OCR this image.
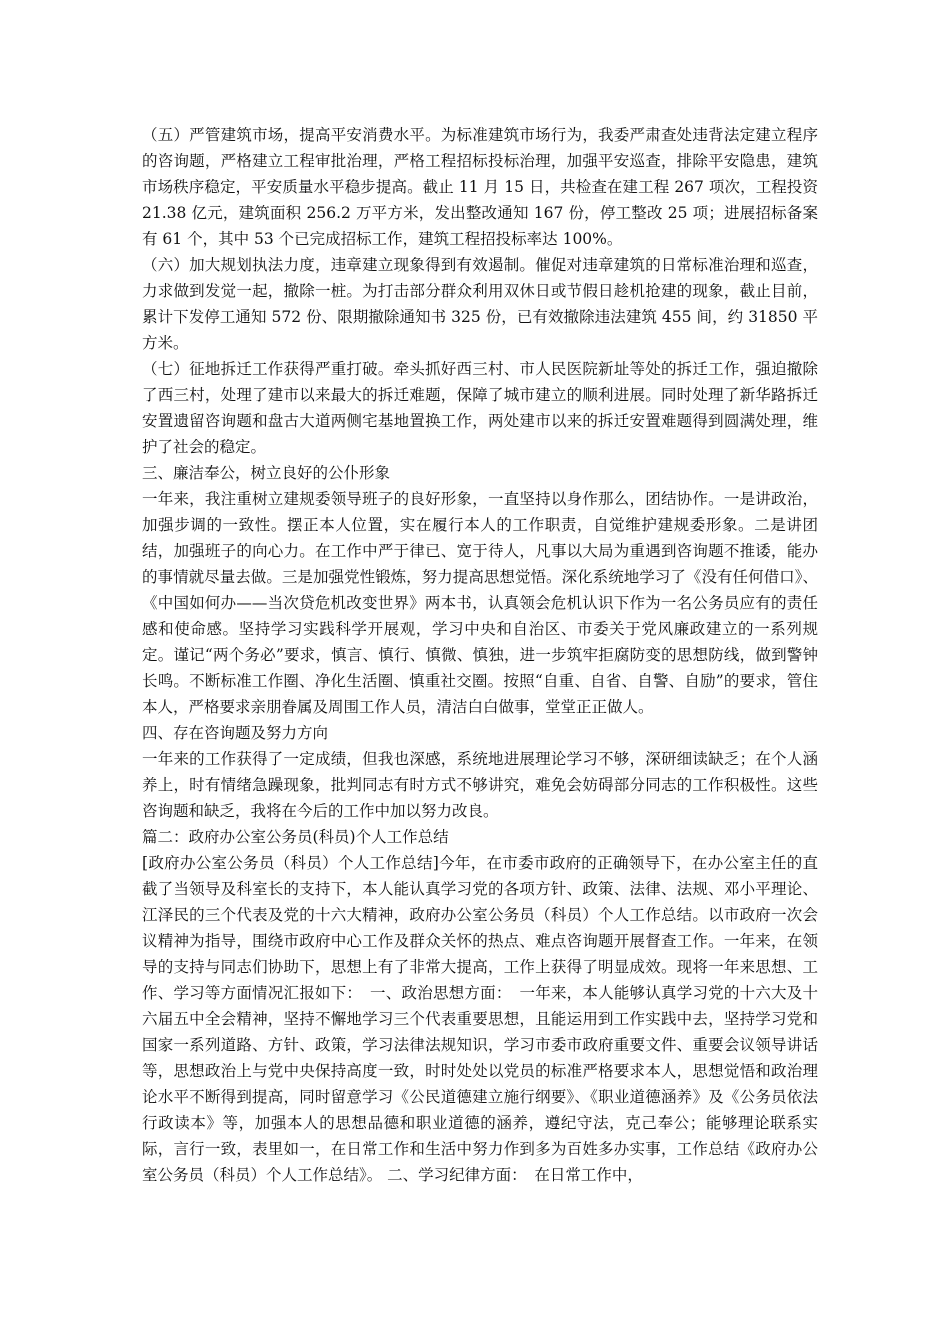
（五）严管建筑市场，提高平安消费水平。为标准建筑市场行为，我委严肃查处违背法定建立程序的咨询题，严格建立工程审批治理，严格工程招标投标治理，加强平安巡查，排除平安隐患，建筑市场秩序稳定，平安质量水平稳步提高。截止 11 月 15 日，共检查在建工程 267 项次，工程投资 21.38 亿元，建筑面积 256.2 万平方米，发出整改通知 167 份，停工整改 25 项；进展招标备案有 61 个，其中 53 个已完成招标工作，建筑工程招投标率达 100%。

（六）加大规划执法力度，违章建立现象得到有效遏制。催促对违章建筑的日常标准治理和巡查，力求做到发觉一起，撤除一桩。为打击部分群众利用双休日或节假日趁机抢建的现象，截止目前，累计下发停工通知 572 份、限期撤除通知书 325 份，已有效撤除违法建筑 455 间，约 31850 平方米。

（七）征地拆迁工作获得严重打破。牵头抓好西三村、市人民医院新址等处的拆迁工作，强迫撤除了西三村，处理了建市以来最大的拆迁难题，保障了城市建立的顺利进展。同时处理了新华路拆迁安置遗留咨询题和盘古大道两侧宅基地置换工作，两处建市以来的拆迁安置难题得到圆满处理，维护了社会的稳定。

三、廉洁奉公，树立良好的公仆形象

一年来，我注重树立建规委领导班子的良好形象，一直坚持以身作那么，团结协作。一是讲政治，加强步调的一致性。摆正本人位置，实在履行本人的工作职责，自觉维护建规委形象。二是讲团结，加强班子的向心力。在工作中严于律已、宽于待人，凡事以大局为重遇到咨询题不推诿，能办的事情就尽量去做。三是加强党性锻炼，努力提高思想觉悟。深化系统地学习了《没有任何借口》、《中国如何办——当次贷危机改变世界》两本书，认真领会危机认识下作为一名公务员应有的责任感和使命感。坚持学习实践科学开展观，学习中央和自治区、市委关于党风廉政建立的一系列规定。谨记“两个务必”要求，慎言、慎行、慎微、慎独，进一步筑牢拒腐防变的思想防线，做到警钟长鸣。不断标准工作圈、净化生活圈、慎重社交圈。按照“自重、自省、自警、自励”的要求，管住本人，严格要求亲朋眷属及周围工作人员，清洁白白做事，堂堂正正做人。

四、存在咨询题及努力方向

一年来的工作获得了一定成绩，但我也深感，系统地进展理论学习不够，深研细读缺乏；在个人涵养上，时有情绪急躁现象，批判同志有时方式不够讲究，难免会妨碍部分同志的工作积极性。这些咨询题和缺乏，我将在今后的工作中加以努力改良。

篇二：政府办公室公务员(科员)个人工作总结

[政府办公室公务员（科员）个人工作总结]今年，在市委市政府的正确领导下，在办公室主任的直截了当领导及科室长的支持下，本人能认真学习党的各项方针、政策、法律、法规、邓小平理论、江泽民的三个代表及党的十六大精神，政府办公室公务员（科员）个人工作总结。以市政府一次会议精神为指导，围绕市政府中心工作及群众关怀的热点、难点咨询题开展督查工作。一年来，在领导的支持与同志们协助下，思想上有了非常大提高，工作上获得了明显成效。现将一年来思想、工作、学习等方面情况汇报如下：　一、政治思想方面：　一年来，本人能够认真学习党的十六大及十六届五中全会精神，坚持不懈地学习三个代表重要思想，且能运用到工作实践中去，坚持学习党和国家一系列道路、方针、政策，学习法律法规知识，学习市委市政府重要文件、重要会议领导讲话等，思想政治上与党中央保持高度一致，时时处处以党员的标准严格要求本人，思想觉悟和政治理论水平不断得到提高，同时留意学习《公民道德建立施行纲要》、《职业道德涵养》及《公务员依法行政读本》等，加强本人的思想品德和职业道德的涵养，遵纪守法，克己奉公；能够理论联系实际，言行一致，表里如一，在日常工作和生活中努力作到多为百姓多办实事，工作总结《政府办公室公务员（科员）个人工作总结》。 二、学习纪律方面：　在日常工作中，
